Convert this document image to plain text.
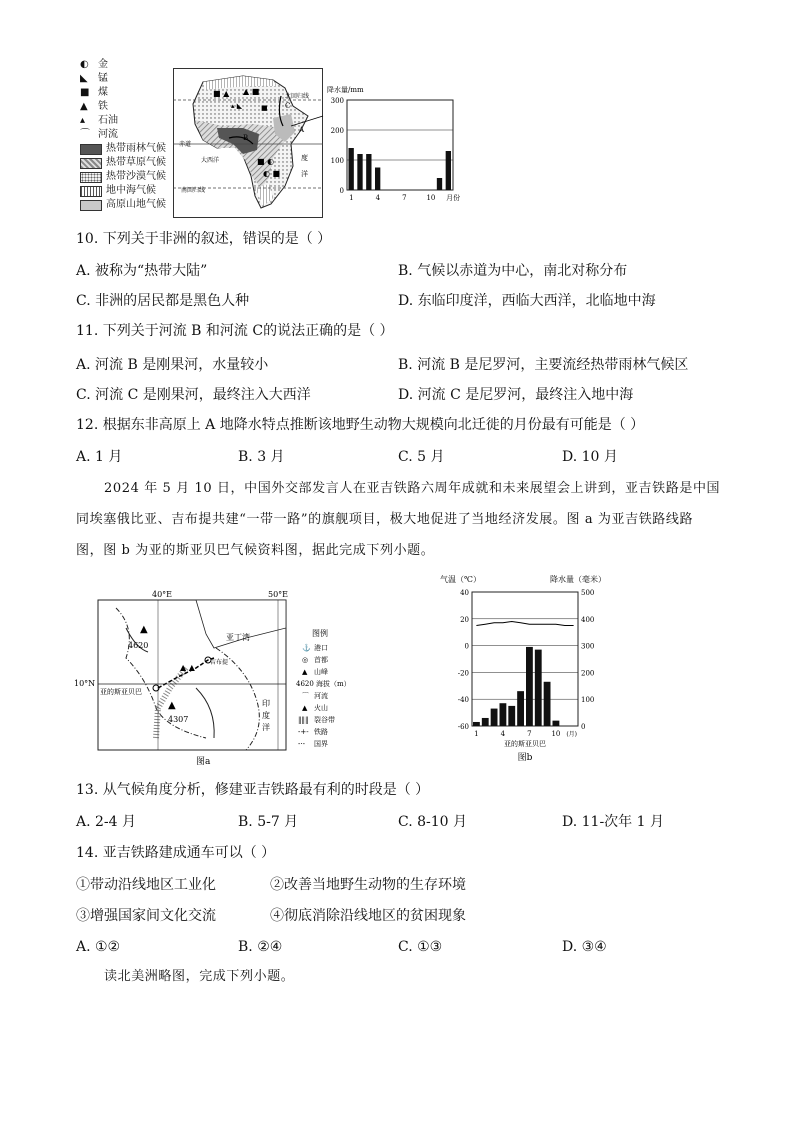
◐ 金
◣	锰
■ 煤
▲	铁
▴	石油
⌒ 河流
热带雨林气候
热带草原气候
热带沙漠气候
地中海气候
高原山地气候
■ ▲ ▲ ■
▴ ◣	■
■ ◐
◐ ■
赤道
大西洋
北回归线
南回归线
B
C
A
度
洋
降水量/mm
300
200
100
0
1	4	7	10 月份
10. 下列关于非洲的叙述，错误的是（ ）
A. 被称为“热带大陆”	B. 气候以赤道为中心，南北对称分布
C. 非洲的居民都是黑色人种	D. 东临印度洋，西临大西洋，北临地中海
11. 下列关于河流 B 和河流 C的说法正确的是（ ）
A. 河流 B 是刚果河，水量较小	B. 河流 B 是尼罗河，主要流经热带雨林气候区
C. 河流 C 是刚果河，最终注入大西洋	D. 河流 C 是尼罗河，最终注入地中海
12. 根据东非高原上 A 地降水特点推断该地野生动物大规模向北迁徙的月份最有可能是（ ）
A. 1 月	B. 3 月	C. 5 月	D. 10 月
2024 年 5 月 10 日，中国外交部发言人在亚吉铁路六周年成就和未来展望会上讲到，亚吉铁路是中国
同埃塞俄比亚、吉布提共建“一带一路”的旗舰项目，极大地促进了当地经济发展。图 a 为亚吉铁路线路
图，图 b 为亚的斯亚贝巴气候资料图，据此完成下列小题。
40°E	50°E
10°N
▲
4620
▲
4307
亚丁湾
亚的斯亚贝巴
吉布提
印
度
洋
▲ ▲
图例
⚓ 港口
◎ 首都
▲ 山峰
4620 海拔（m）
⌒ 河流
▲ 火山
‖‖‖ 裂谷带
-+- 铁路
-·- 国界
图a
气温（℃）	降水量（毫米）
40
20
0
-20
-40
-60
500
400
300
200
100
0
1	4	7	10 (月)
亚的斯亚贝巴
图b
13. 从气候角度分析，修建亚吉铁路最有利的时段是（ ）
A. 2-4 月	B. 5-7 月	C. 8-10 月	D. 11-次年 1 月
14. 亚吉铁路建成通车可以（ ）
①带动沿线地区工业化	②改善当地野生动物的生存环境
③增强国家间文化交流	④彻底消除沿线地区的贫困现象
A. ①②	B. ②④	C. ①③	D. ③④
读北美洲略图，完成下列小题。
